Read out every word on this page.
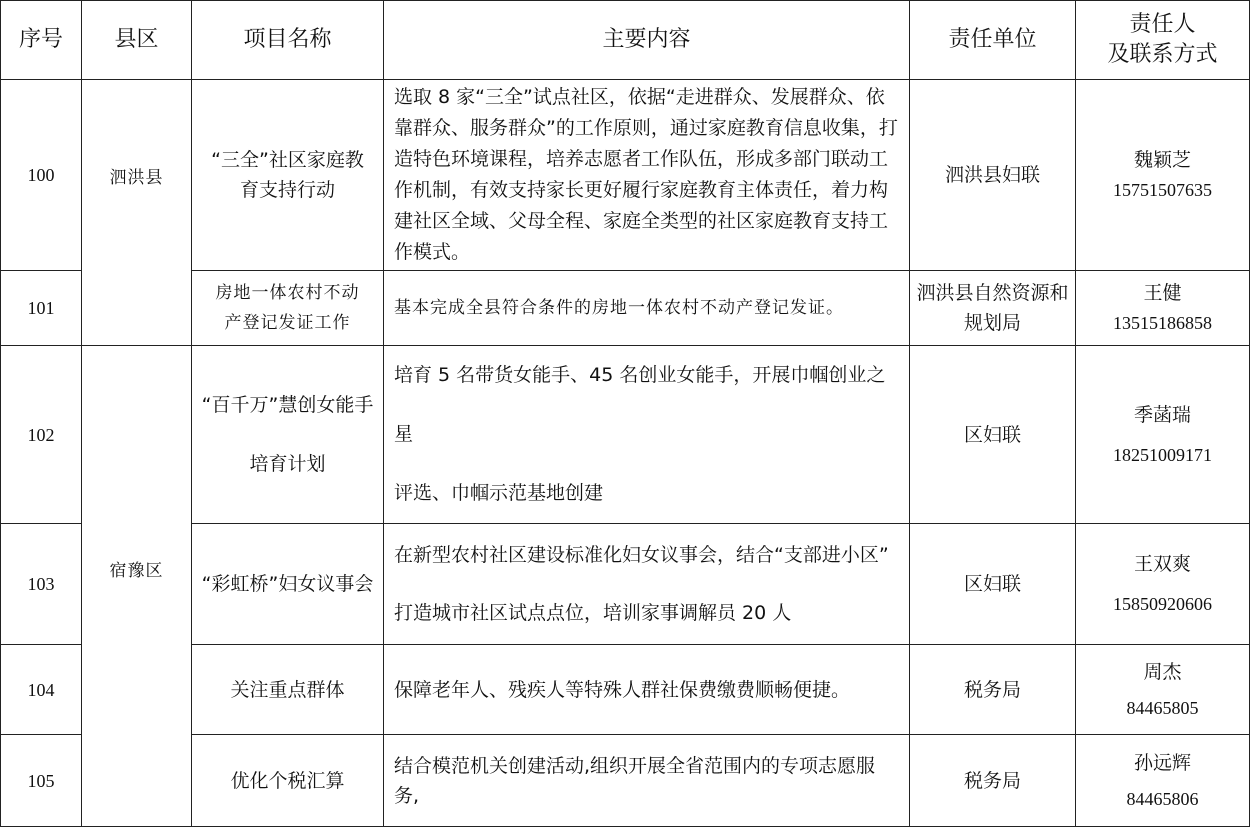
序号	县区	项目名称	主要内容	责任单位	责任人
及联系方式

100	泗洪县	“三全”社区家庭教育支持行动	选取 8 家“三全”试点社区，依据“走进群众、发展群众、依靠群众、服务群众”的工作原则，通过家庭教育信息收集，打造特色环境课程，培养志愿者工作队伍，形成多部门联动工作机制，有效支持家长更好履行家庭教育主体责任，着力构建社区全域、父母全程、家庭全类型的社区家庭教育支持工作模式。	泗洪县妇联	魏颖芝
15751507635

101		房地一体农村不动产登记发证工作	基本完成全县符合条件的房地一体农村不动产登记发证。	泗洪县自然资源和规划局	王健
13515186858

102	宿豫区	“百千万”慧创女能手
培育计划	培育 5 名带货女能手、45 名创业女能手，开展巾帼创业之星
评选、巾帼示范基地创建	区妇联	季菡瑞
18251009171

103		“彩虹桥”妇女议事会	在新型农村社区建设标准化妇女议事会，结合“支部进小区”
打造城市社区试点点位，培训家事调解员 20 人	区妇联	王双爽
15850920606

104		关注重点群体	保障老年人、残疾人等特殊人群社保费缴费顺畅便捷。	税务局	周杰
84465805

105		优化个税汇算	结合模范机关创建活动,组织开展全省范围内的专项志愿服务,	税务局	孙远辉
84465806
